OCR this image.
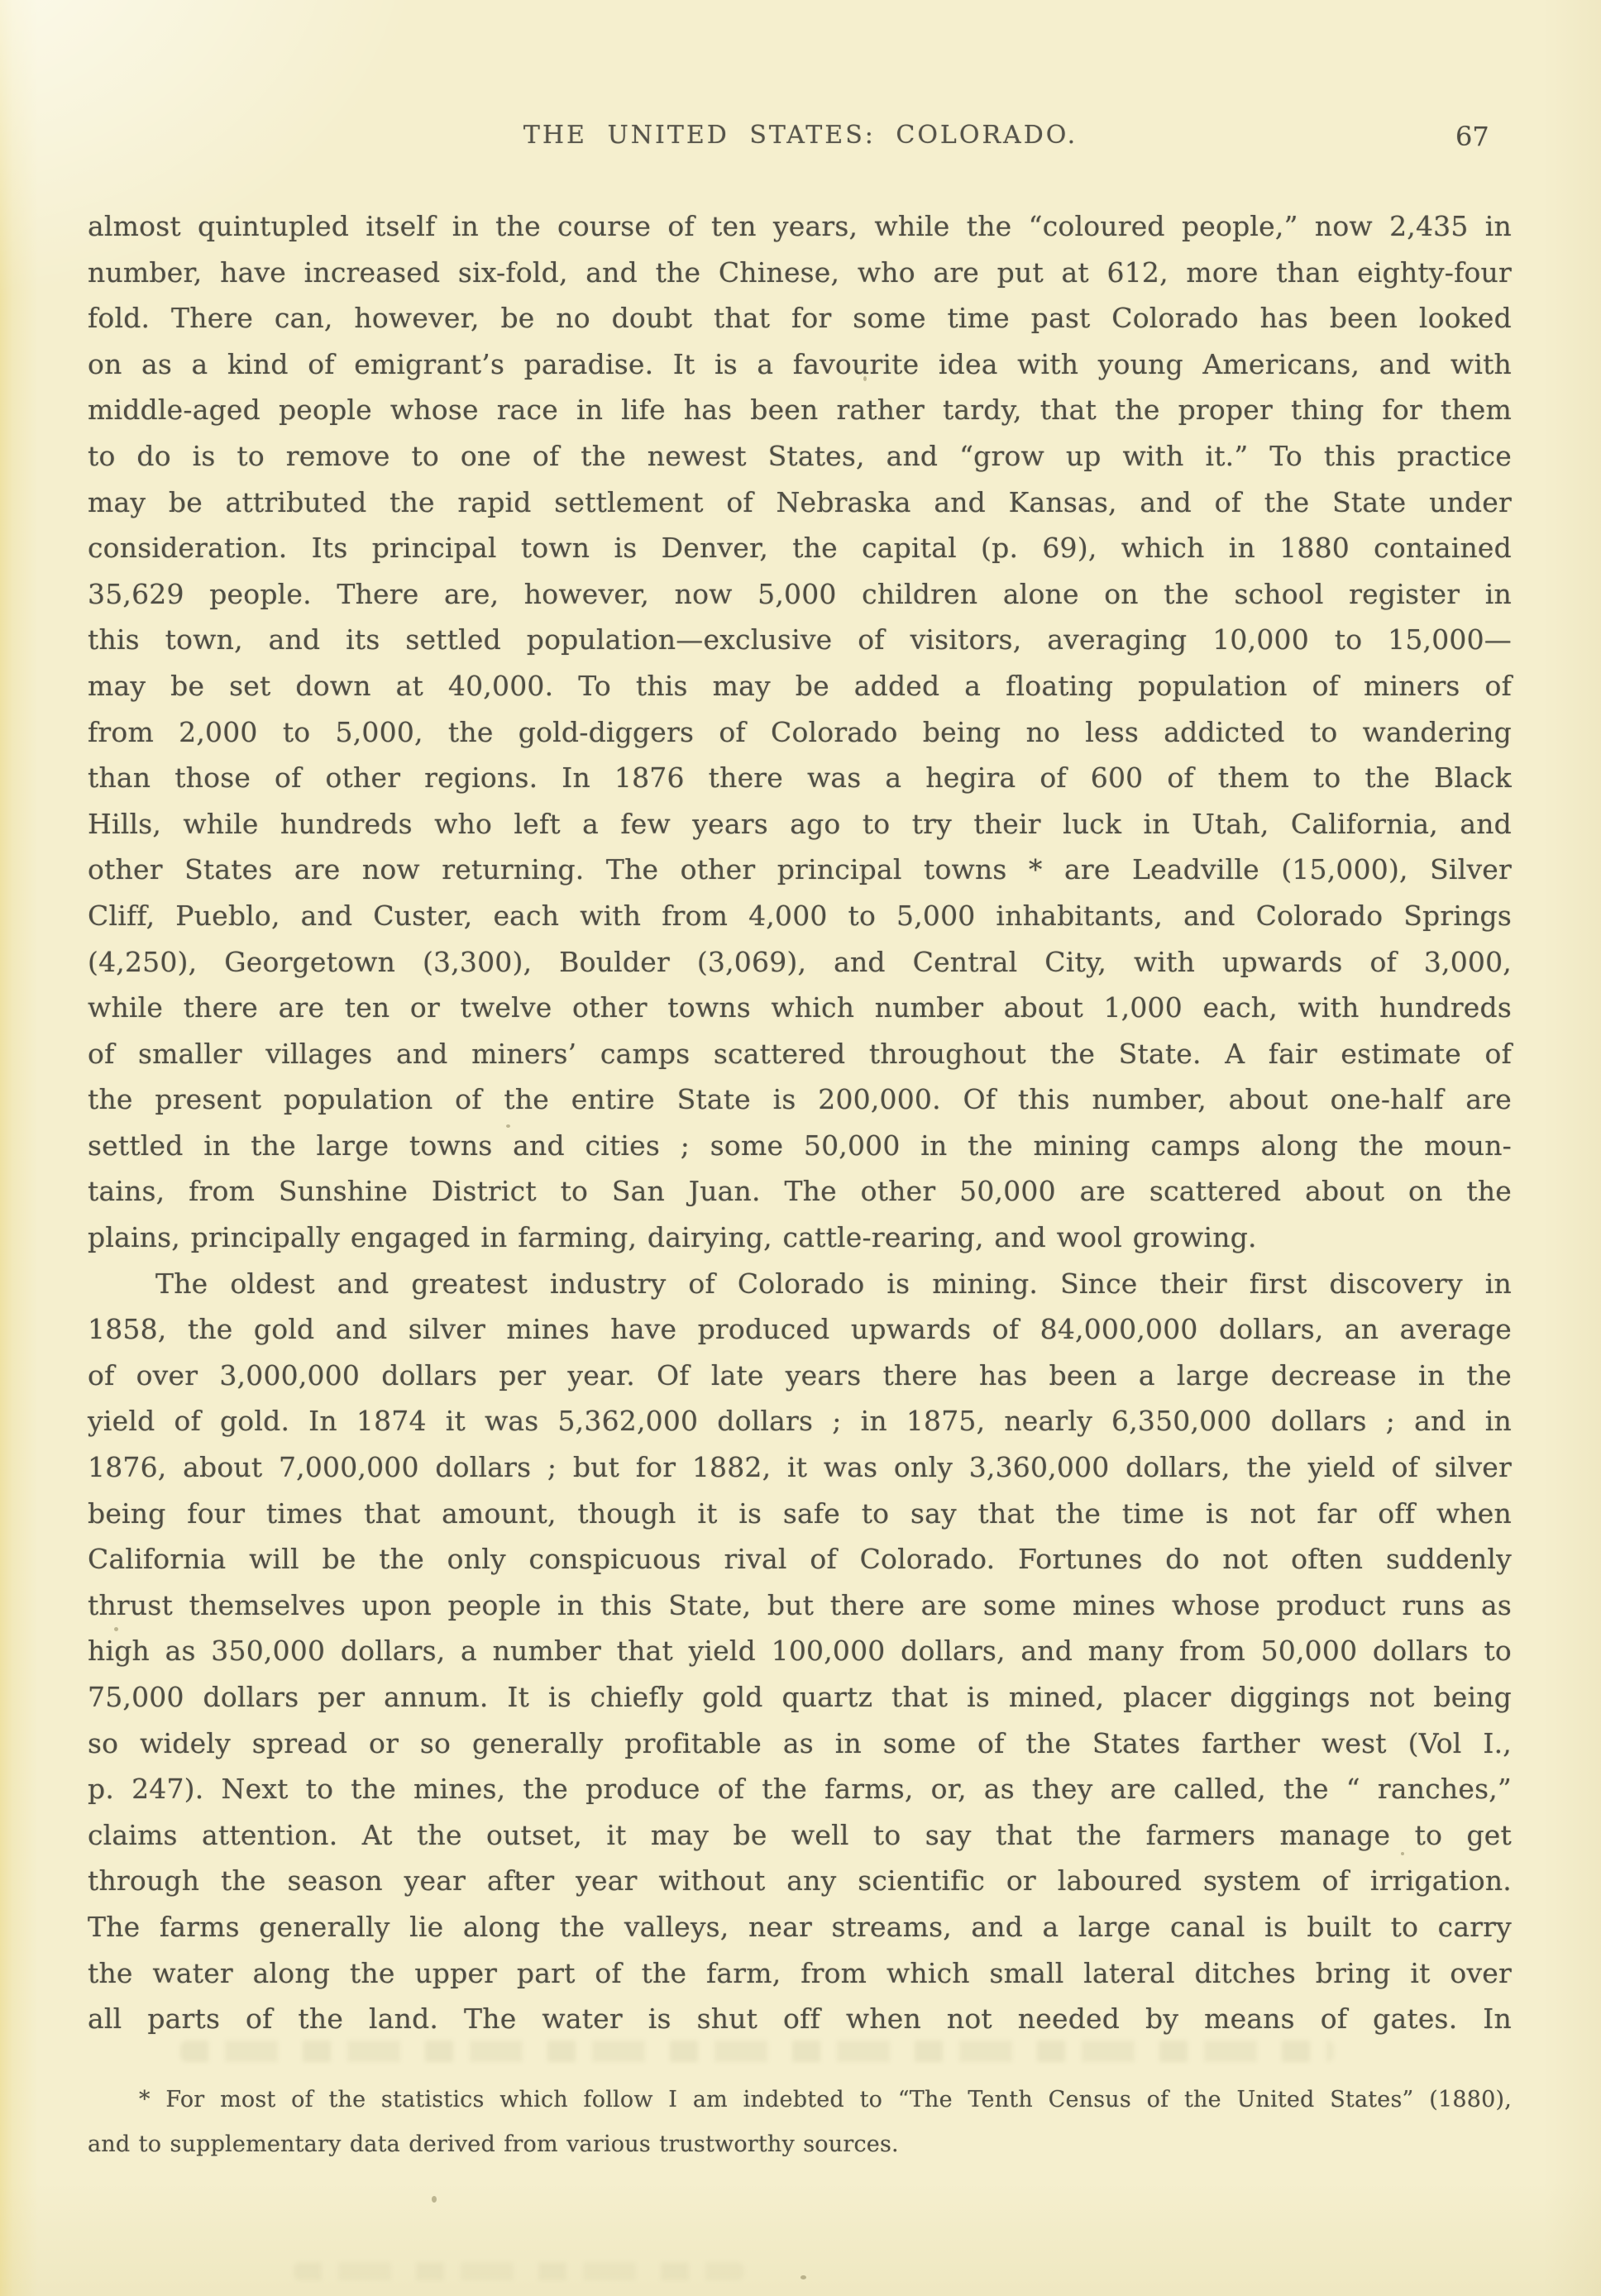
THE UNITED STATES: COLORADO.	67
almost quintupled itself in the course of ten years, while the “coloured people,” now 2,435 in
number, have increased six-fold, and the Chinese, who are put at 612, more than eighty-four
fold. There can, however, be no doubt that for some time past Colorado has been looked
on as a kind of emigrant’s paradise. It is a favourite idea with young Americans, and with
middle-aged people whose race in life has been rather tardy, that the proper thing for them
to do is to remove to one of the newest States, and “grow up with it.” To this practice
may be attributed the rapid settlement of Nebraska and Kansas, and of the State under
consideration. Its principal town is Denver, the capital (p. 69), which in 1880 contained
35,629 people. There are, however, now 5,000 children alone on the school register in
this town, and its settled population—exclusive of visitors, averaging 10,000 to 15,000—
may be set down at 40,000. To this may be added a floating population of miners of
from 2,000 to 5,000, the gold-diggers of Colorado being no less addicted to wandering
than those of other regions. In 1876 there was a hegira of 600 of them to the Black
Hills, while hundreds who left a few years ago to try their luck in Utah, California, and
other States are now returning. The other principal towns * are Leadville (15,000), Silver
Cliff, Pueblo, and Custer, each with from 4,000 to 5,000 inhabitants, and Colorado Springs
(4,250), Georgetown (3,300), Boulder (3,069), and Central City, with upwards of 3,000,
while there are ten or twelve other towns which number about 1,000 each, with hundreds
of smaller villages and miners’ camps scattered throughout the State. A fair estimate of
the present population of the entire State is 200,000. Of this number, about one-half are
settled in the large towns and cities ; some 50,000 in the mining camps along the moun-
tains, from Sunshine District to San Juan. The other 50,000 are scattered about on the
plains, principally engaged in farming, dairying, cattle-rearing, and wool growing.
The oldest and greatest industry of Colorado is mining. Since their first discovery in
1858, the gold and silver mines have produced upwards of 84,000,000 dollars, an average
of over 3,000,000 dollars per year. Of late years there has been a large decrease in the
yield of gold. In 1874 it was 5,362,000 dollars ; in 1875, nearly 6,350,000 dollars ; and in
1876, about 7,000,000 dollars ; but for 1882, it was only 3,360,000 dollars, the yield of silver
being four times that amount, though it is safe to say that the time is not far off when
California will be the only conspicuous rival of Colorado. Fortunes do not often suddenly
thrust themselves upon people in this State, but there are some mines whose product runs as
high as 350,000 dollars, a number that yield 100,000 dollars, and many from 50,000 dollars to
75,000 dollars per annum. It is chiefly gold quartz that is mined, placer diggings not being
so widely spread or so generally profitable as in some of the States farther west (Vol I.,
p. 247). Next to the mines, the produce of the farms, or, as they are called, the “ ranches,”
claims attention. At the outset, it may be well to say that the farmers manage to get
through the season year after year without any scientific or laboured system of irrigation.
The farms generally lie along the valleys, near streams, and a large canal is built to carry
the water along the upper part of the farm, from which small lateral ditches bring it over
all parts of the land. The water is shut off when not needed by means of gates. In
* For most of the statistics which follow I am indebted to “The Tenth Census of the United States” (1880),
and to supplementary data derived from various trustworthy sources.
